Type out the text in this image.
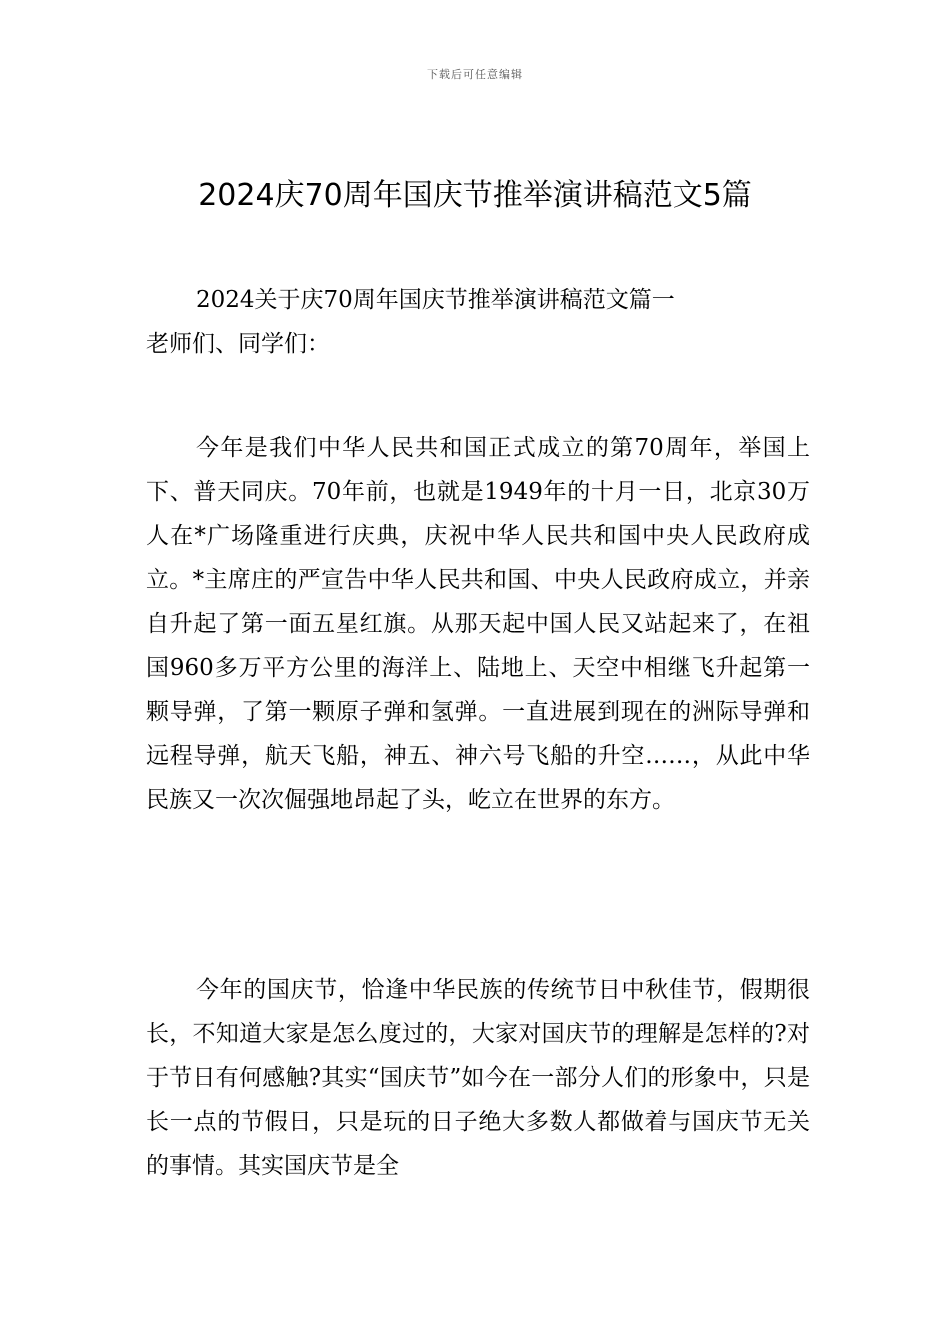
下载后可任意编辑
2024庆70周年国庆节推举演讲稿范文5篇

2024关于庆70周年国庆节推举演讲稿范文篇一

老师们、同学们：

今年是我们中华人民共和国正式成立的第70周年，举国上下、普天同庆。70年前，也就是1949年的十月一日，北京30万人在*广场隆重进行庆典，庆祝中华人民共和国中央人民政府成立。*主席庄的严宣告中华人民共和国、中央人民政府成立，并亲自升起了第一面五星红旗。从那天起中国人民又站起来了，在祖国960多万平方公里的海洋上、陆地上、天空中相继飞升起第一颗导弹，了第一颗原子弹和氢弹。一直进展到现在的洲际导弹和远程导弹，航天飞船，神五、神六号飞船的升空……，从此中华民族又一次次倔强地昂起了头，屹立在世界的东方。

今年的国庆节，恰逢中华民族的传统节日中秋佳节，假期很长，不知道大家是怎么度过的，大家对国庆节的理解是怎样的?对于节日有何感触?其实“国庆节”如今在一部分人们的形象中，只是长一点的节假日，只是玩的日子绝大多数人都做着与国庆节无关的事情。其实国庆节是全
